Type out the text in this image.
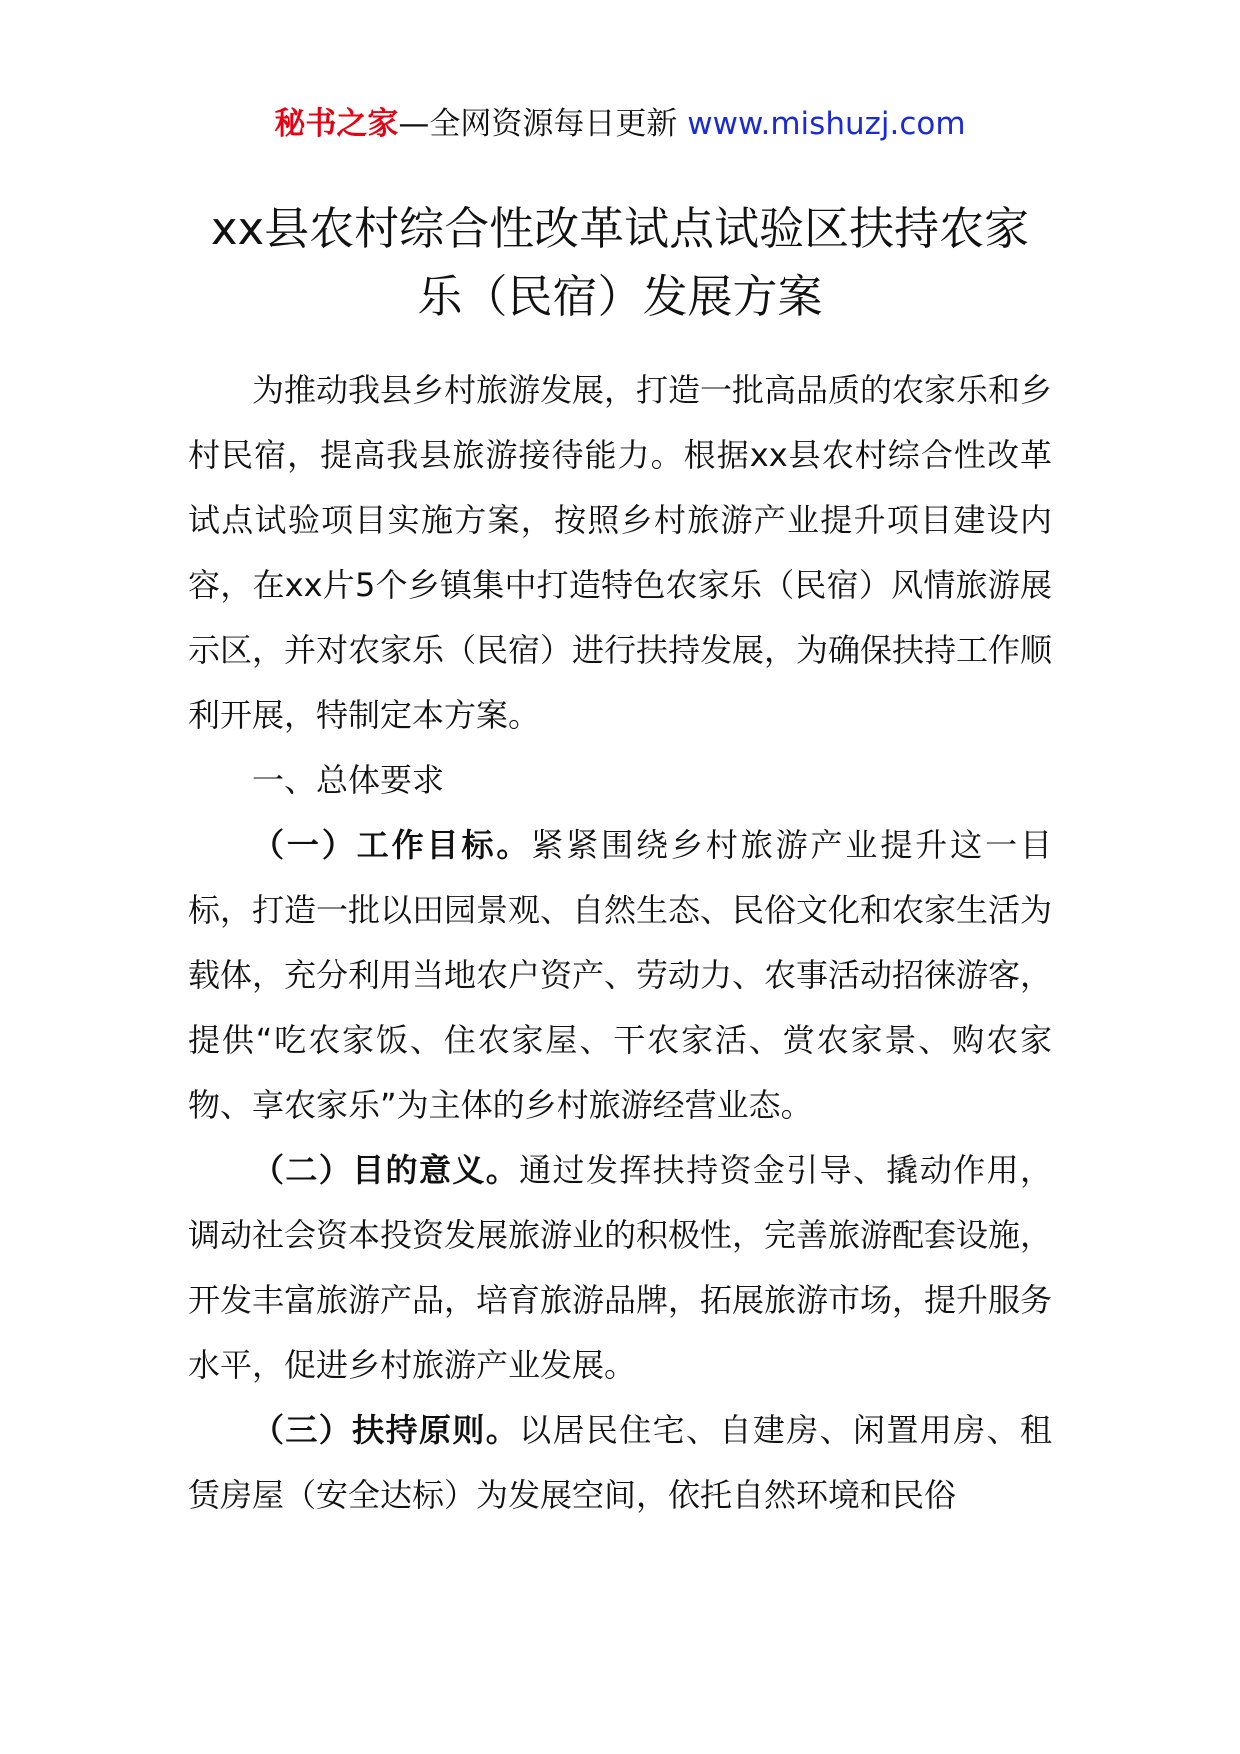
秘书之家—全网资源每日更新 www.mishuzj.com
xx县农村综合性改革试点试验区扶持农家
乐（民宿）发展方案

为推动我县乡村旅游发展，打造一批高品质的农家乐和乡村民宿，提高我县旅游接待能力。根据xx县农村综合性改革试点试验项目实施方案，按照乡村旅游产业提升项目建设内容，在xx片5个乡镇集中打造特色农家乐（民宿）风情旅游展示区，并对农家乐（民宿）进行扶持发展，为确保扶持工作顺利开展，特制定本方案。

一、总体要求

（一）工作目标。紧紧围绕乡村旅游产业提升这一目标，打造一批以田园景观、自然生态、民俗文化和农家生活为载体，充分利用当地农户资产、劳动力、农事活动招徕游客，提供“吃农家饭、住农家屋、干农家活、赏农家景、购农家物、享农家乐”为主体的乡村旅游经营业态。

（二）目的意义。通过发挥扶持资金引导、撬动作用，调动社会资本投资发展旅游业的积极性，完善旅游配套设施，开发丰富旅游产品，培育旅游品牌，拓展旅游市场，提升服务水平，促进乡村旅游产业发展。

（三）扶持原则。以居民住宅、自建房、闲置用房、租赁房屋（安全达标）为发展空间，依托自然环境和民俗
